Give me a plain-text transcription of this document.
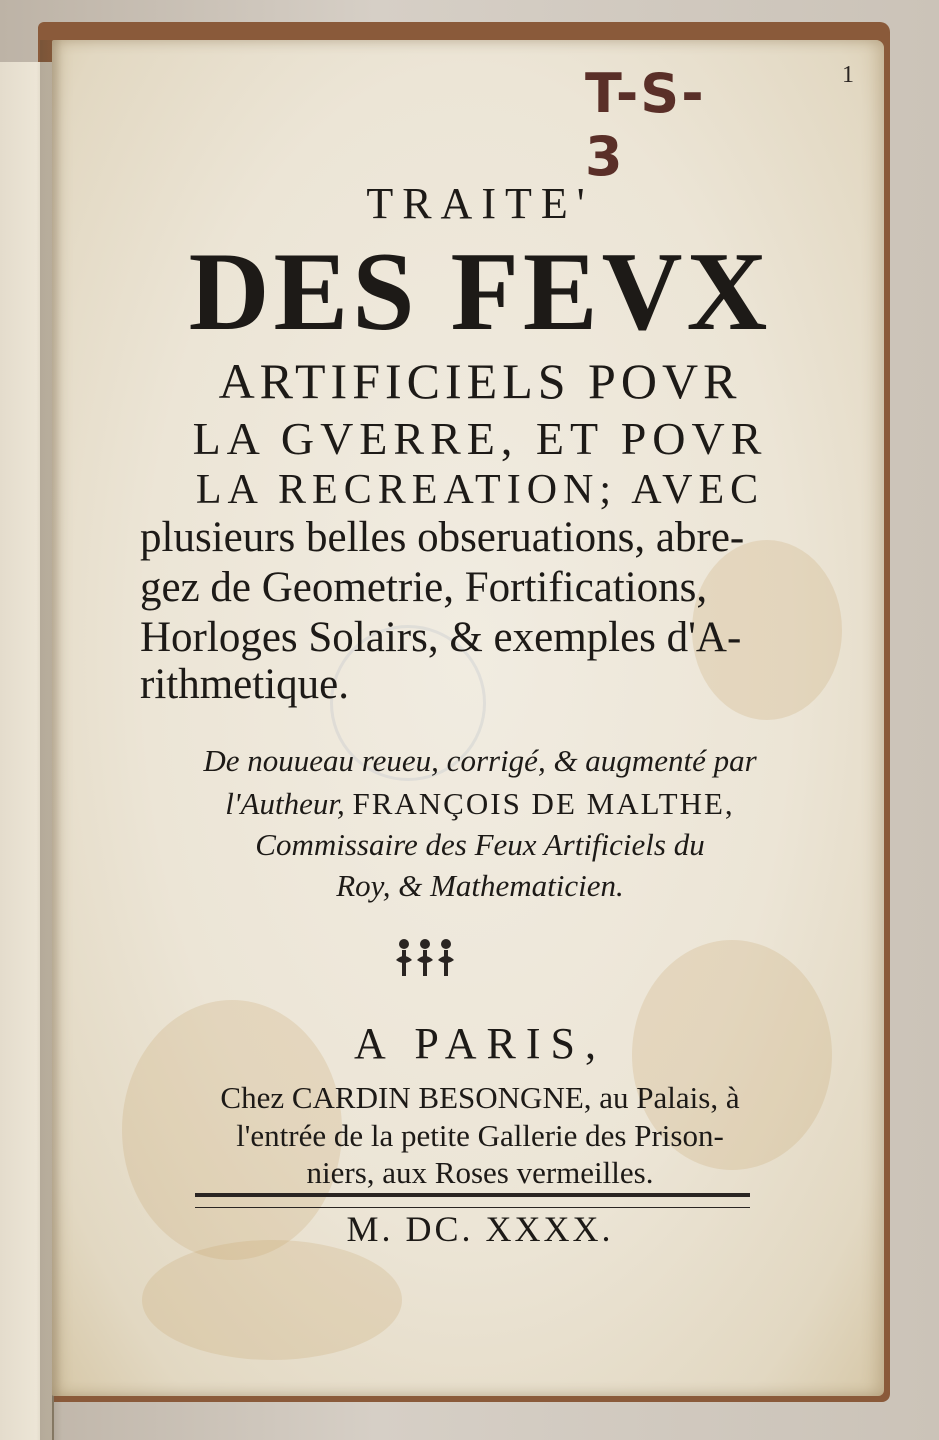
T-S-3
1
TRAITE'
DES FEVX
ARTIFICIELS POVR
LA GVERRE, ET POVR
LA RECREATION; AVEC
plusieurs belles obseruations, abre-
gez de Geometrie, Fortifications,
Horloges Solairs, & exemples d'A-
rithmetique.
De nouueau reueu, corrigé, & augmenté par
l'Autheur, FRANÇOIS DE MALTHE,
Commissaire des Feux Artificiels du
Roy, & Mathematicien.
A PARIS,
Chez CARDIN BESONGNE, au Palais, à
l'entrée de la petite Gallerie des Prison-
niers, aux Roses vermeilles.
M. DC. XXXX.
